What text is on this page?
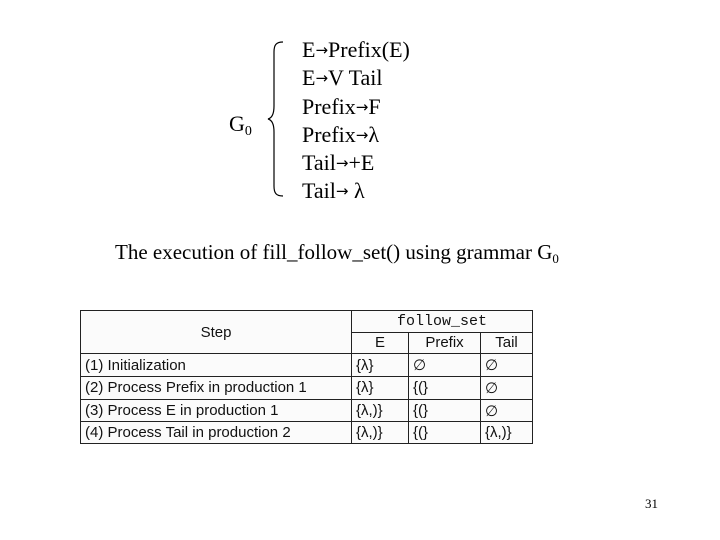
$G_0$
E→Prefix(E)
E→V Tail
Prefix→F
Prefix→λ
Tail→+E
Tail→ λ
The execution of fill_follow_set() using grammar $G_0$
Step	follow_set		
	E	Prefix	Tail
(1) Initialization	{λ}	∅	∅
(2) Process Prefix in production 1	{λ}	{(}	∅
(3) Process E in production 1	{λ,)}	{(}	∅
(4) Process Tail in production 2	{λ,)}	{(}	{λ,)}
31
